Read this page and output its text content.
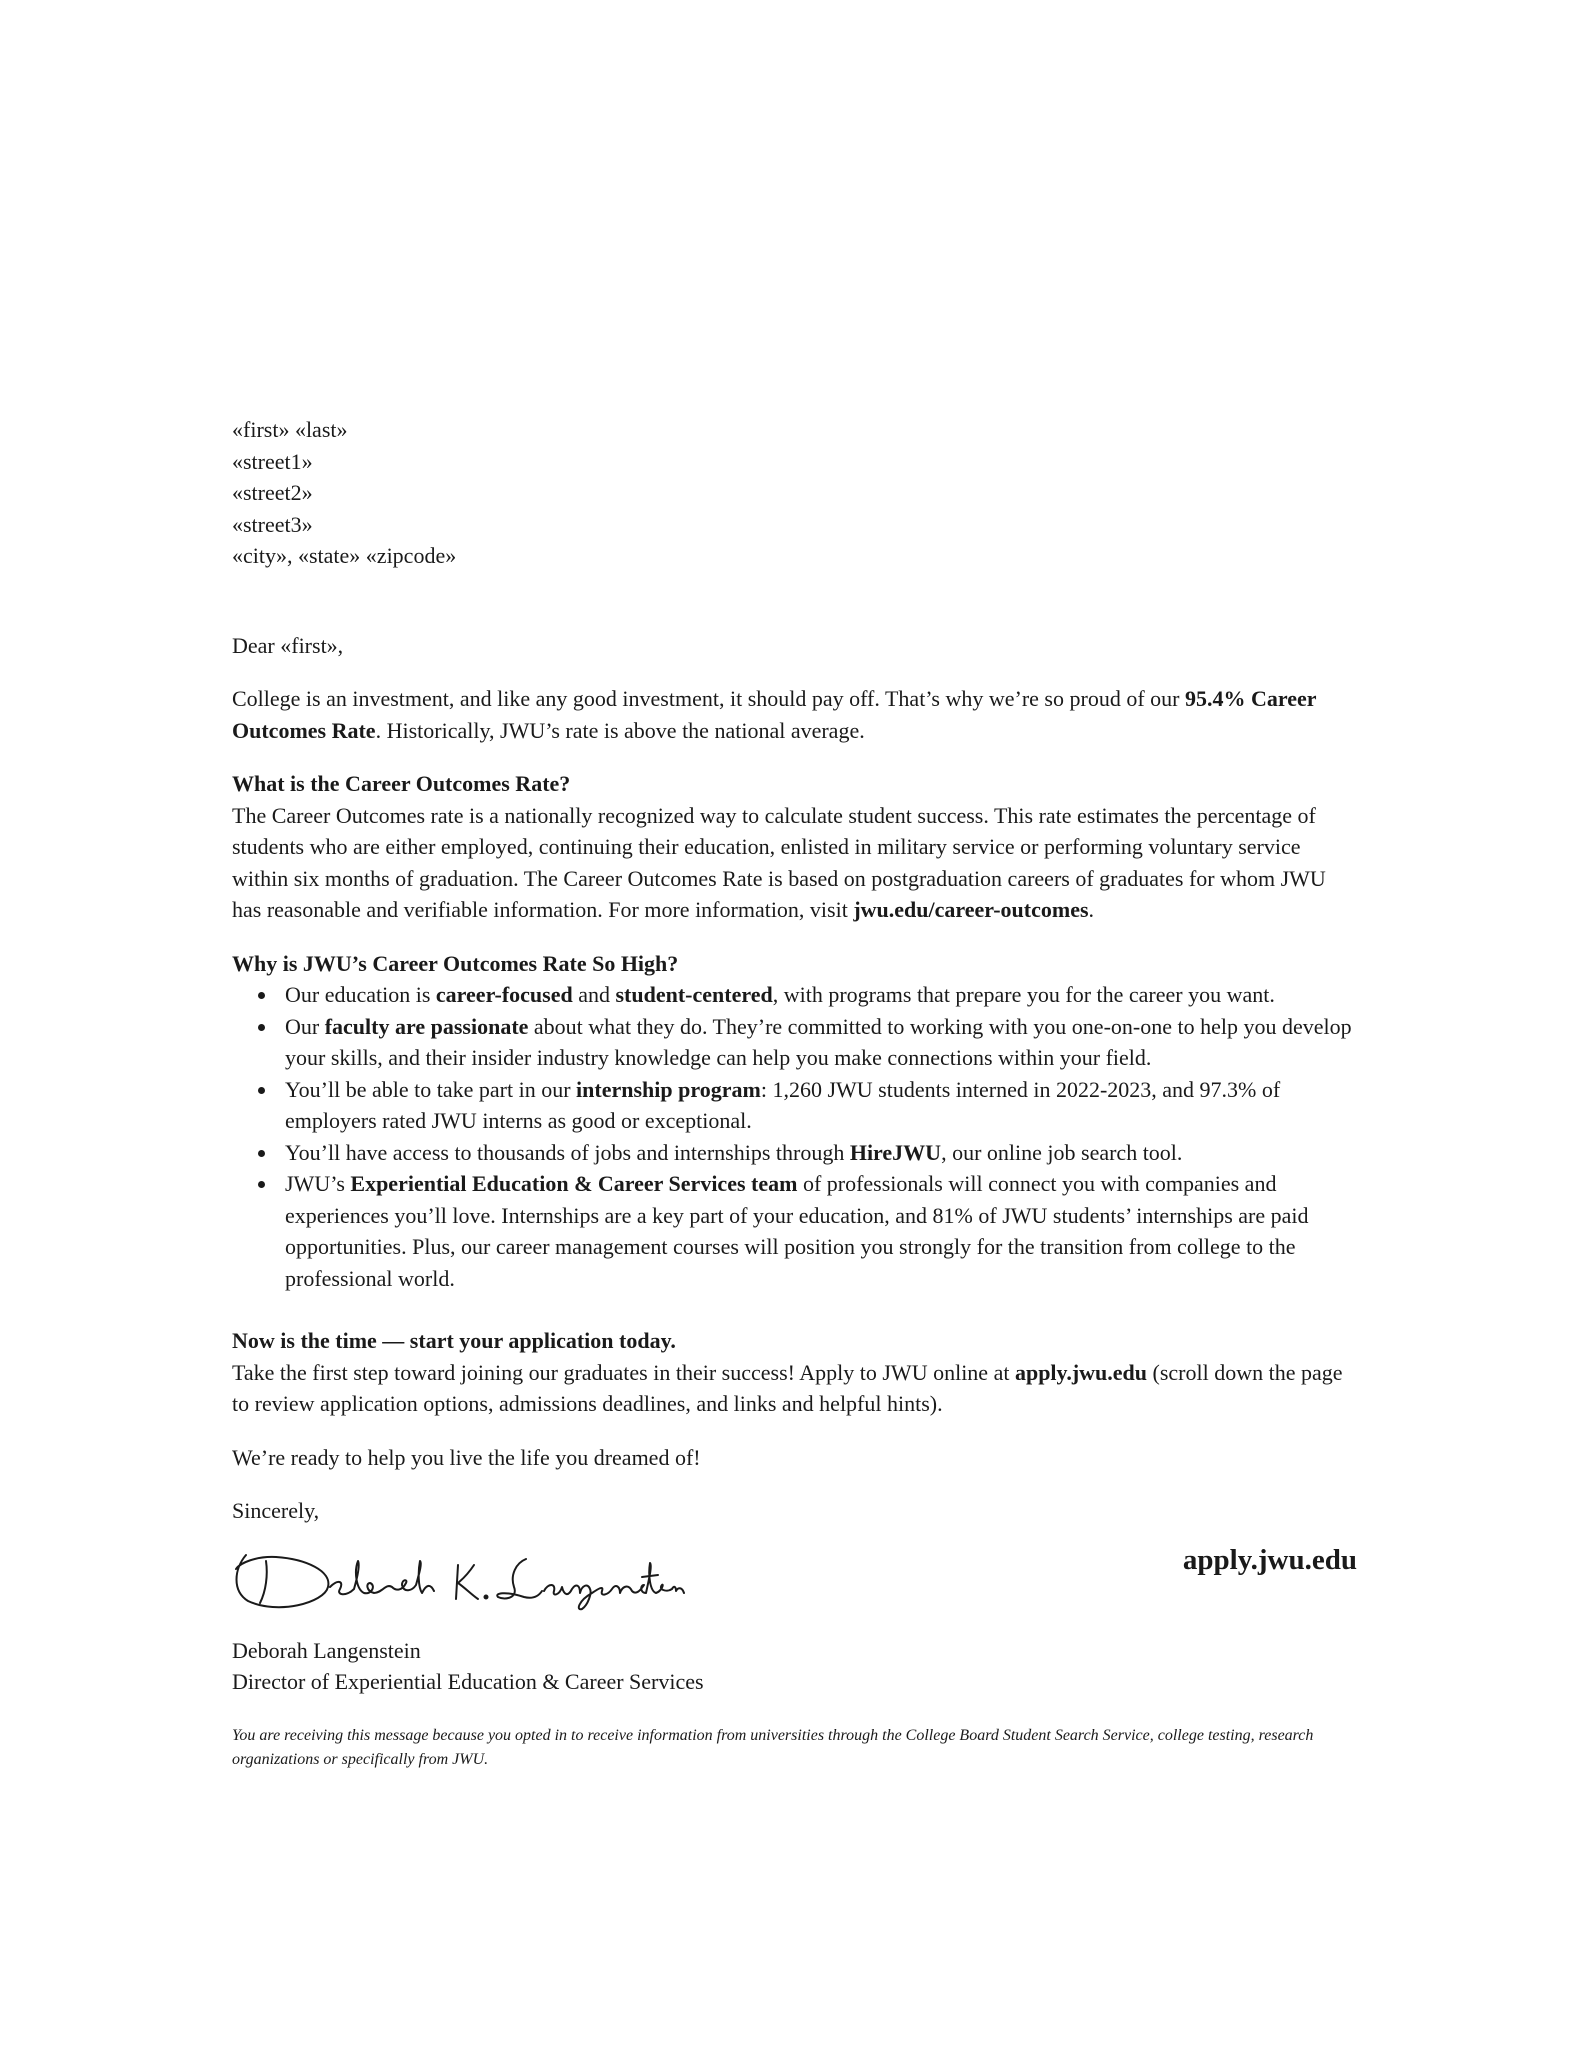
«first» «last»
«street1»
«street2»
«street3»
«city», «state» «zipcode»

Dear «first»,

College is an investment, and like any good investment, it should pay off. That’s why we’re so proud of our 95.4% Career Outcomes Rate. Historically, JWU’s rate is above the national average.

What is the Career Outcomes Rate?

The Career Outcomes rate is a nationally recognized way to calculate student success. This rate estimates the percentage of students who are either employed, continuing their education, enlisted in military service or performing voluntary service within six months of graduation. The Career Outcomes Rate is based on postgraduation careers of graduates for whom JWU has reasonable and verifiable information. For more information, visit jwu.edu/career-outcomes.

Why is JWU’s Career Outcomes Rate So High?
Our education is career-focused and student-centered, with programs that prepare you for the career you want.
Our faculty are passionate about what they do. They’re committed to working with you one-on-one to help you develop your skills, and their insider industry knowledge can help you make connections within your field.
You’ll be able to take part in our internship program: 1,260 JWU students interned in 2022-2023, and 97.3% of employers rated JWU interns as good or exceptional.
You’ll have access to thousands of jobs and internships through HireJWU, our online job search tool.
JWU’s Experiential Education & Career Services team of professionals will connect you with companies and experiences you’ll love. Internships are a key part of your education, and 81% of JWU students’ internships are paid opportunities. Plus, our career management courses will position you strongly for the transition from college to the professional world.
Now is the time — start your application today.

Take the first step toward joining our graduates in their success! Apply to JWU online at apply.jwu.edu (scroll down the page to review application options, admissions deadlines, and links and helpful hints).

We’re ready to help you live the life you dreamed of!

Sincerely,

apply.jwu.edu
Deborah Langenstein
Director of Experiential Education & Career Services

You are receiving this message because you opted in to receive information from universities through the College Board Student Search Service, college testing, research organizations or specifically from JWU.
